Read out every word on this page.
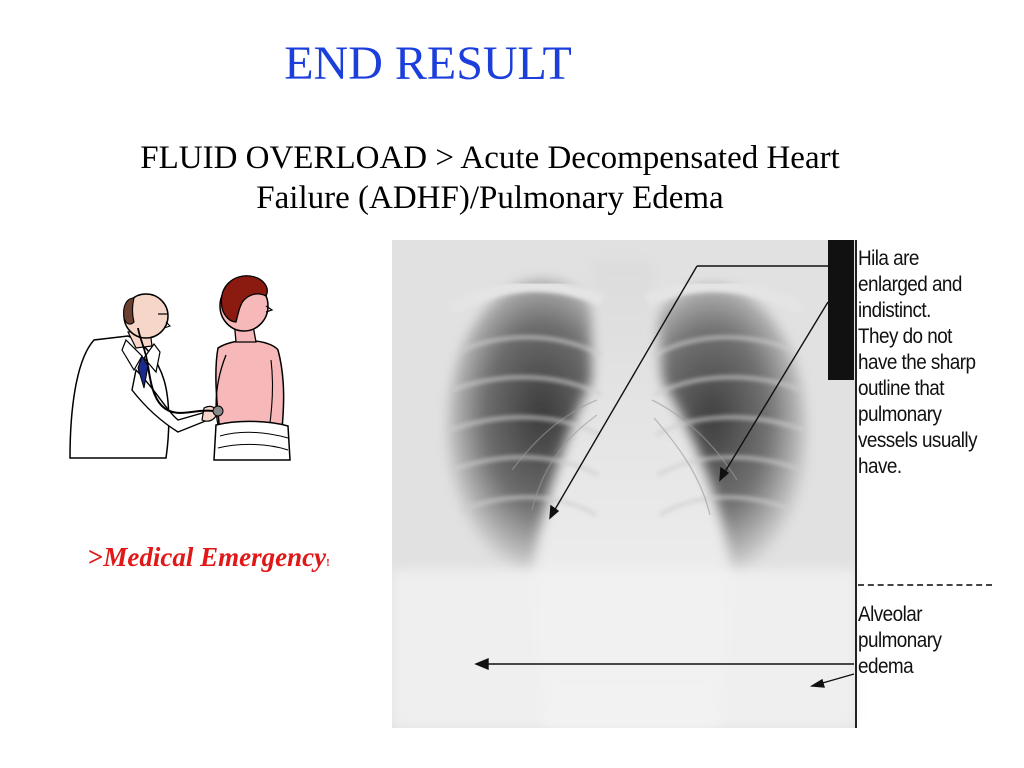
END RESULT
FLUID OVERLOAD > Acute Decompensated Heart
Failure (ADHF)/Pulmonary Edema
>Medical Emergency!
Hila are
enlarged and
indistinct.
They do not
have the sharp
outline that
pulmonary
vessels usually
have.
Alveolar
pulmonary
edema
